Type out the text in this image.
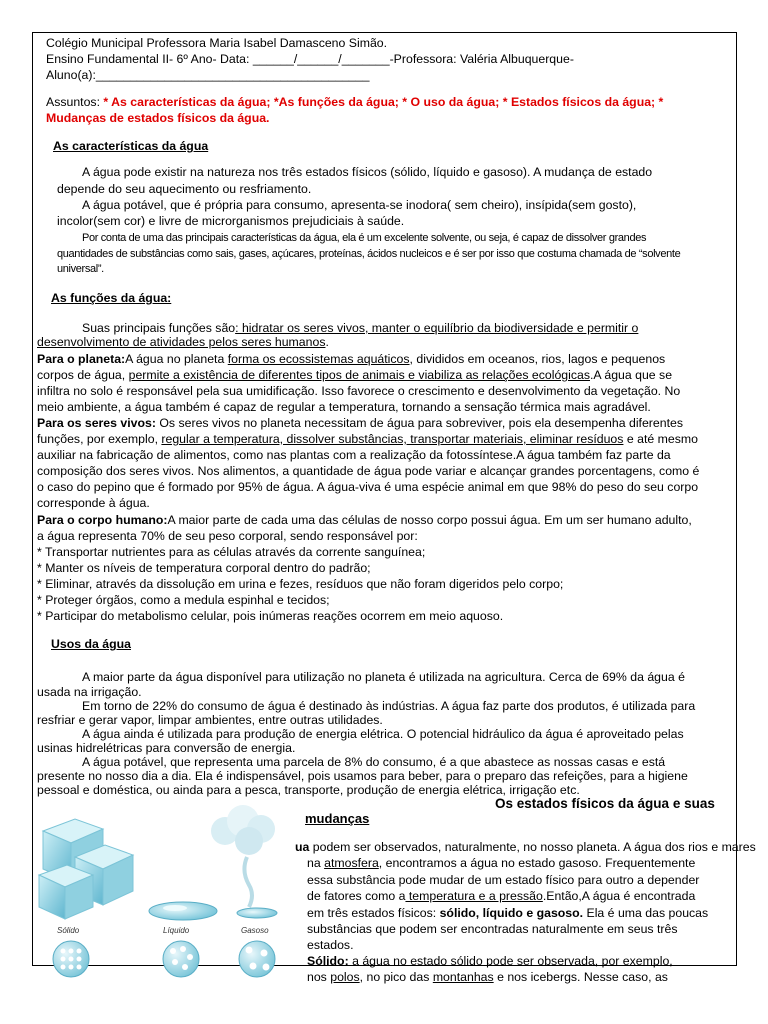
Colégio Municipal Professora Maria Isabel Damasceno Simão.
Ensino Fundamental II- 6º Ano- Data: ______/______/_______-Professora: Valéria Albuquerque-
Aluno(a):________________________________________
Assuntos: * As características da água; *As funções da água; * O uso da água; * Estados físicos da água; *
Mudanças de estados físicos da água.
As características da água
A água pode existir na natureza nos três estados físicos (sólido, líquido e gasoso). A mudança de estado
depende do seu aquecimento ou resfriamento.
A água potável, que é própria para consumo, apresenta-se inodora( sem cheiro), insípida(sem gosto),
incolor(sem cor) e livre de microrganismos prejudiciais à saúde.
Por conta de uma das principais características da água, ela é um excelente solvente, ou seja, é capaz de dissolver grandes
quantidades de substâncias como sais, gases, açúcares, proteínas, ácidos nucleicos e é ser por isso que costuma chamada de “solvente
universal”.
As funções da água:
Suas principais funções são: hidratar os seres vivos, manter o equilíbrio da biodiversidade e permitir o
desenvolvimento de atividades pelos seres humanos.
Para o planeta:A água no planeta forma os ecossistemas aquáticos, divididos em oceanos, rios, lagos e pequenos
corpos de água, permite a existência de diferentes tipos de animais e viabiliza as relações ecológicas.A água que se
infiltra no solo é responsável pela sua umidificação. Isso favorece o crescimento e desenvolvimento da vegetação. No
meio ambiente, a água também é capaz de regular a temperatura, tornando a sensação térmica mais agradável.
Para os seres vivos: Os seres vivos no planeta necessitam de água para sobreviver, pois ela desempenha diferentes
funções, por exemplo, regular a temperatura, dissolver substâncias, transportar materiais, eliminar resíduos e até mesmo
auxiliar na fabricação de alimentos, como nas plantas com a realização da fotossíntese.A água também faz parte da
composição dos seres vivos. Nos alimentos, a quantidade de água pode variar e alcançar grandes porcentagens, como é
o caso do pepino que é formado por 95% de água. A água-viva é uma espécie animal em que 98% do peso do seu corpo
corresponde à água.
Para o corpo humano:A maior parte de cada uma das células de nosso corpo possui água. Em um ser humano adulto,
a água representa 70% de seu peso corporal, sendo responsável por:
* Transportar nutrientes para as células através da corrente sanguínea;
* Manter os níveis de temperatura corporal dentro do padrão;
* Eliminar, através da dissolução em urina e fezes, resíduos que não foram digeridos pelo corpo;
* Proteger órgãos, como a medula espinhal e tecidos;
* Participar do metabolismo celular, pois inúmeras reações ocorrem em meio aquoso.
Usos da água
A maior parte da água disponível para utilização no planeta é utilizada na agricultura. Cerca de 69% da água é
usada na irrigação.
Em torno de 22% do consumo de água é destinado às indústrias. A água faz parte dos produtos, é utilizada para
resfriar e gerar vapor, limpar ambientes, entre outras utilidades.
A água ainda é utilizada para produção de energia elétrica. O potencial hidráulico da água é aproveitado pelas
usinas hidrelétricas para conversão de energia.
A água potável, que representa uma parcela de 8% do consumo, é a que abastece as nossas casas e está
presente no nosso dia a dia. Ela é indispensável, pois usamos para beber, para o preparo das refeições, para a higiene
pessoal e doméstica, ou ainda para a pesca, transporte, produção de energia elétrica, irrigação etc.
Os estados físicos da água e suas
mudanças
ua podem ser observados, naturalmente, no nosso planeta. A água dos rios e mares
na atmosfera, encontramos a água no estado gasoso. Frequentemente
essa substância pode mudar de um estado físico para outro a depender
de fatores como a temperatura e a pressão.Então,A água é encontrada
em três estados físicos: sólido, líquido e gasoso. Ela é uma das poucas
substâncias que podem ser encontradas naturalmente em seus três
estados.
Sólido: a água no estado sólido pode ser observada, por exemplo,
nos polos, no pico das montanhas e nos icebergs. Nesse caso, as
Sólido	Líquido	Gasoso
